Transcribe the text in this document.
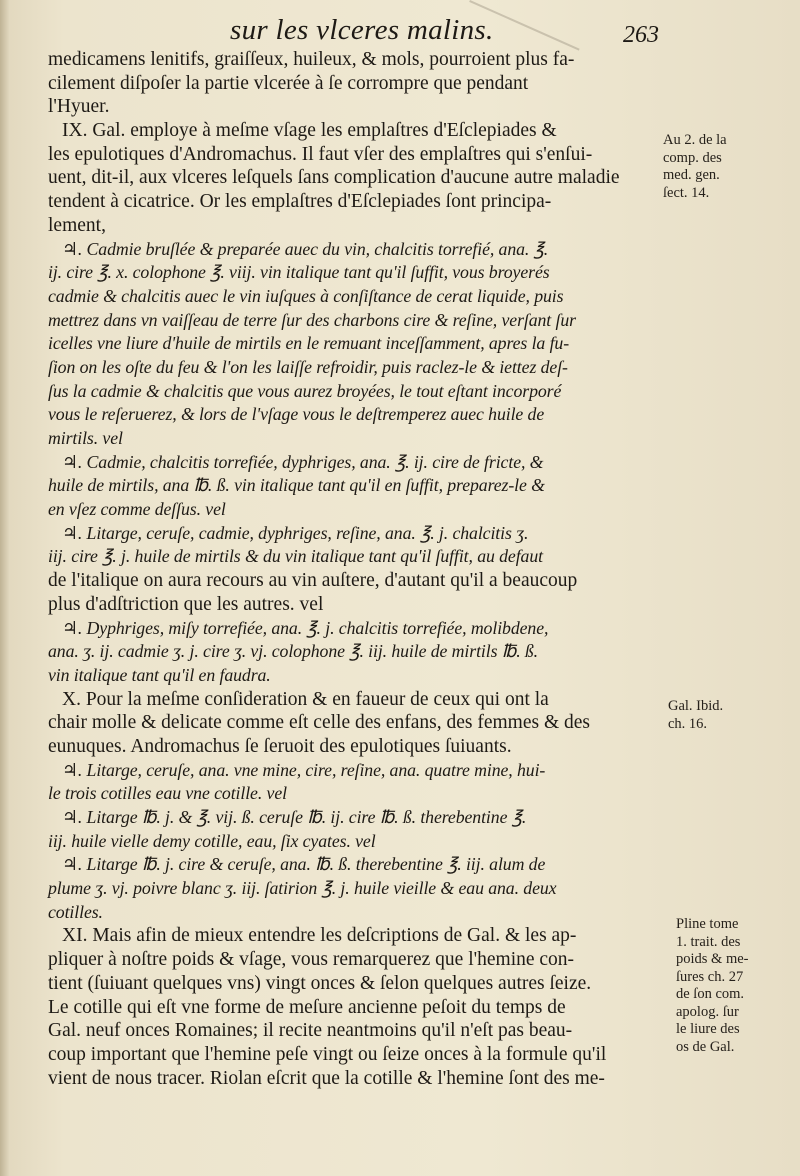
sur les vlceres malins.	263
medicamens lenitifs, graiſſeux, huileux, & mols, pourroient plus fa-
cilement diſpoſer la partie vlcerée à ſe corrompre que pendant
l'Hyuer.
IX. Gal. employe à meſme vſage les emplaſtres d'Eſclepiades &
les epulotiques d'Andromachus. Il faut vſer des emplaſtres qui s'enſui-
uent, dit-il, aux vlceres leſquels ſans complication d'aucune autre maladie
tendent à cicatrice. Or les emplaſtres d'Eſclepiades ſont principa-
lement,
♃. Cadmie bruſlée & preparée auec du vin, chalcitis torrefié, ana. ℥.
ij. cire ℥. x. colophone ℥. viij. vin italique tant qu'il ſuffit, vous broyerés
cadmie & chalcitis auec le vin iuſques à conſiſtance de cerat liquide, puis
mettrez dans vn vaiſſeau de terre ſur des charbons cire & reſine, verſant ſur
icelles vne liure d'huile de mirtils en le remuant inceſſamment, apres la fu-
ſion on les oſte du feu & l'on les laiſſe refroidir, puis raclez-le & iettez deſ-
ſus la cadmie & chalcitis que vous aurez broyées, le tout eſtant incorporé
vous le reſeruerez, & lors de l'vſage vous le deſtremperez auec huile de
mirtils. vel
♃. Cadmie, chalcitis torrefiée, dyphriges, ana. ℥. ij. cire de fricte, &
huile de mirtils, ana ℔. ß. vin italique tant qu'il en ſuffit, preparez-le &
en vſez comme deſſus. vel
♃. Litarge, ceruſe, cadmie, dyphriges, reſine, ana. ℥. j. chalcitis ʒ.
iij. cire ℥. j. huile de mirtils & du vin italique tant qu'il ſuffit, au defaut
de l'italique on aura recours au vin auſtere, d'autant qu'il a beaucoup
plus d'adſtriction que les autres. vel
♃. Dyphriges, miſy torrefiée, ana. ℥. j. chalcitis torrefiée, molibdene,
ana. ʒ. ij. cadmie ʒ. j. cire ʒ. vj. colophone ℥. iij. huile de mirtils ℔. ß.
vin italique tant qu'il en faudra.
X. Pour la meſme conſideration & en faueur de ceux qui ont la
chair molle & delicate comme eſt celle des enfans, des femmes & des
eunuques. Andromachus ſe ſeruoit des epulotiques ſuiuants.
♃. Litarge, ceruſe, ana. vne mine, cire, reſine, ana. quatre mine, hui-
le trois cotilles eau vne cotille. vel
♃. Litarge ℔. j. & ℥. vij. ß. ceruſe ℔. ij. cire ℔. ß. therebentine ℥.
iij. huile vielle demy cotille, eau, ſix cyates. vel
♃. Litarge ℔. j. cire & ceruſe, ana. ℔. ß. therebentine ℥. iij. alum de
plume ʒ. vj. poivre blanc ʒ. iij. ſatirion ℥. j. huile vieille & eau ana. deux
cotilles.
XI. Mais afin de mieux entendre les deſcriptions de Gal. & les ap-
pliquer à noſtre poids & vſage, vous remarquerez que l'hemine con-
tient (ſuiuant quelques vns) vingt onces & ſelon quelques autres ſeize.
Le cotille qui eſt vne forme de meſure ancienne peſoit du temps de
Gal. neuf onces Romaines; il recite neantmoins qu'il n'eſt pas beau-
coup important que l'hemine peſe vingt ou ſeize onces à la formule qu'il
vient de nous tracer. Riolan eſcrit que la cotille & l'hemine ſont des me-
Au 2. de la
comp. des
med. gen.
ſect. 14.
Gal. Ibid.
ch. 16.
Pline tome
1. trait. des
poids & me-
ſures ch. 27
de ſon com.
apolog. ſur
le liure des
os de Gal.
